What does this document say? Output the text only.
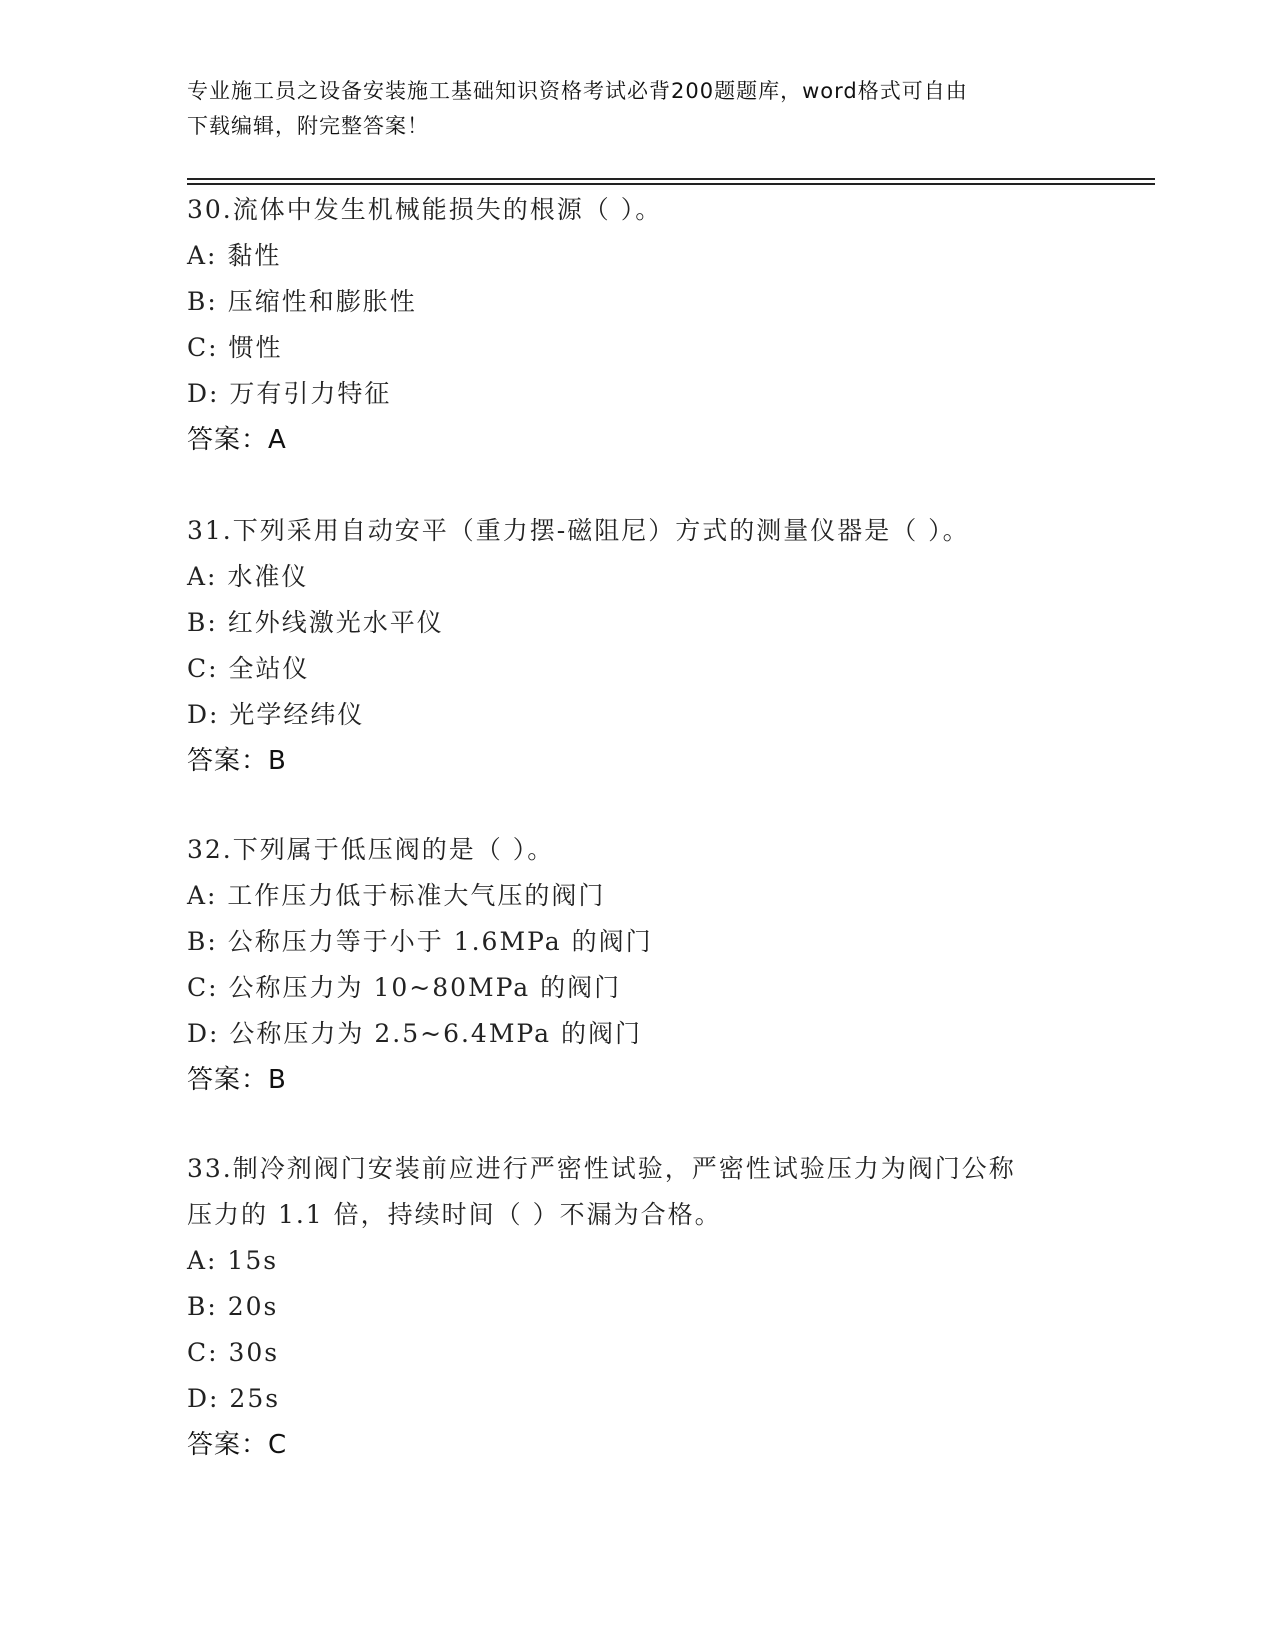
专业施工员之设备安装施工基础知识资格考试必背200题题库，word格式可自由
下载编辑，附完整答案！
30.流体中发生机械能损失的根源（ ）。
A: 黏性
B: 压缩性和膨胀性
C: 惯性
D: 万有引力特征
答案：A
31.下列采用自动安平（重力摆-磁阻尼）方式的测量仪器是（ ）。
A: 水准仪
B: 红外线激光水平仪
C: 全站仪
D: 光学经纬仪
答案：B
32.下列属于低压阀的是（ ）。
A: 工作压力低于标准大气压的阀门
B: 公称压力等于小于 1.6MPa 的阀门
C: 公称压力为 10~80MPa 的阀门
D: 公称压力为 2.5~6.4MPa 的阀门
答案：B
33.制冷剂阀门安装前应进行严密性试验，严密性试验压力为阀门公称
压力的 1.1 倍，持续时间（ ）不漏为合格。
A: 15s
B: 20s
C: 30s
D: 25s
答案：C
